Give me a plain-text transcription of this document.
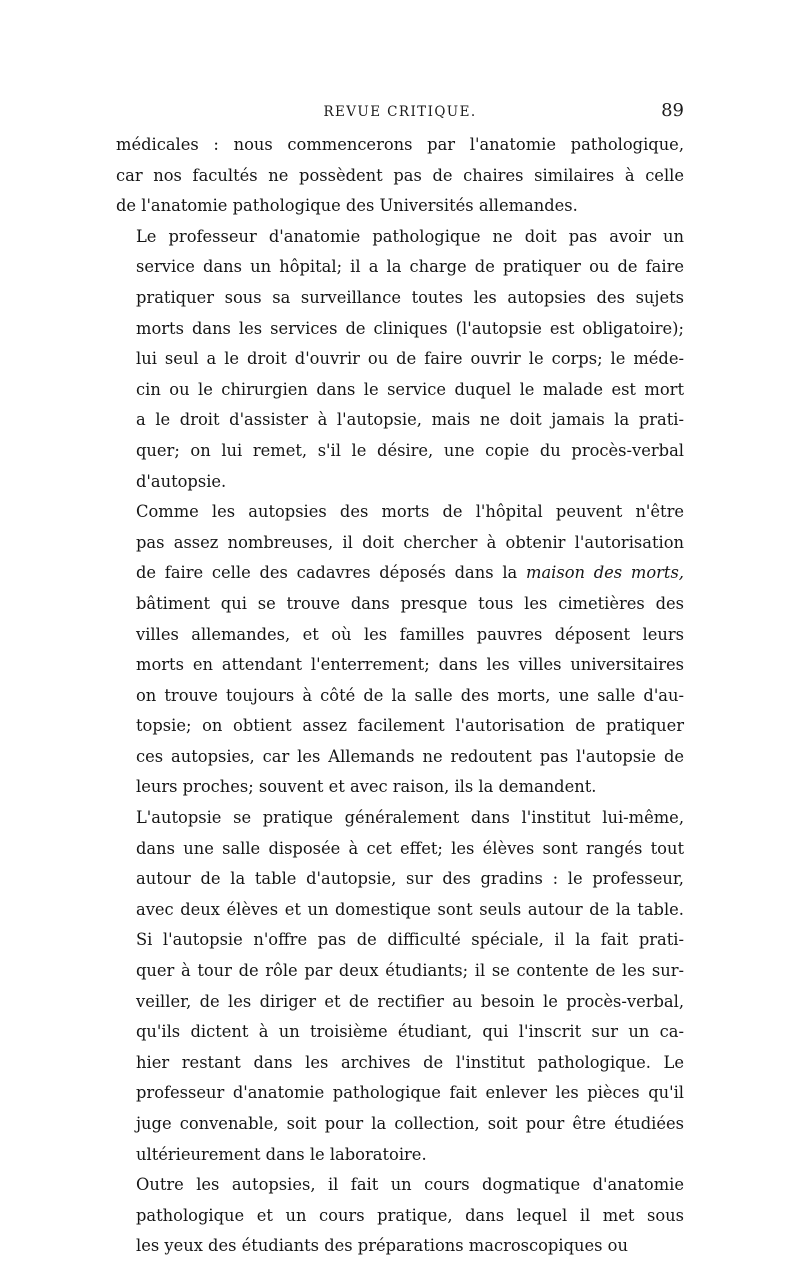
REVUE CRITIQUE.	89
médicales : nous commencerons par l'anatomie pathologique,
car nos facultés ne possèdent pas de chaires similaires à celle
de l'anatomie pathologique des Universités allemandes.
Le professeur d'anatomie pathologique ne doit pas avoir un
service dans un hôpital; il a la charge de pratiquer ou de faire
pratiquer sous sa surveillance toutes les autopsies des sujets
morts dans les services de cliniques (l'autopsie est obligatoire);
lui seul a le droit d'ouvrir ou de faire ouvrir le corps; le méde-
cin ou le chirurgien dans le service duquel le malade est mort
a le droit d'assister à l'autopsie, mais ne doit jamais la prati-
quer; on lui remet, s'il le désire, une copie du procès-verbal
d'autopsie.
Comme les autopsies des morts de l'hôpital peuvent n'être
pas assez nombreuses, il doit chercher à obtenir l'autorisation
de faire celle des cadavres déposés dans la maison des morts,
bâtiment qui se trouve dans presque tous les cimetières des
villes allemandes, et où les familles pauvres déposent leurs
morts en attendant l'enterrement; dans les villes universitaires
on trouve toujours à côté de la salle des morts, une salle d'au-
topsie; on obtient assez facilement l'autorisation de pratiquer
ces autopsies, car les Allemands ne redoutent pas l'autopsie de
leurs proches; souvent et avec raison, ils la demandent.
L'autopsie se pratique généralement dans l'institut lui-même,
dans une salle disposée à cet effet; les élèves sont rangés tout
autour de la table d'autopsie, sur des gradins : le professeur,
avec deux élèves et un domestique sont seuls autour de la table.
Si l'autopsie n'offre pas de difficulté spéciale, il la fait prati-
quer à tour de rôle par deux étudiants; il se contente de les sur-
veiller, de les diriger et de rectifier au besoin le procès-verbal,
qu'ils dictent à un troisième étudiant, qui l'inscrit sur un ca-
hier restant dans les archives de l'institut pathologique. Le
professeur d'anatomie pathologique fait enlever les pièces qu'il
juge convenable, soit pour la collection, soit pour être étudiées
ultérieurement dans le laboratoire.
Outre les autopsies, il fait un cours dogmatique d'anatomie
pathologique et un cours pratique, dans lequel il met sous
les yeux des étudiants des préparations macroscopiques ou
